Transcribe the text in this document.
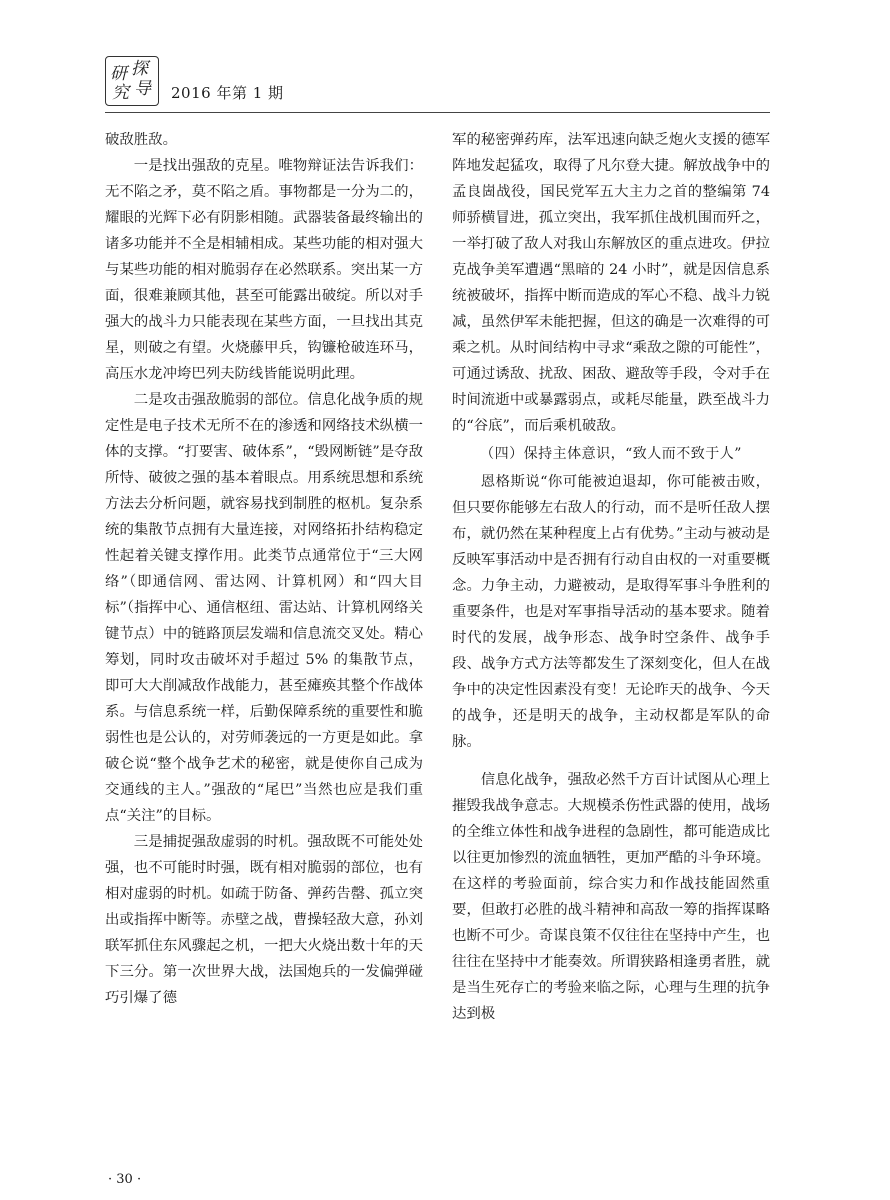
研 探
究 导 2016 年第 1 期

破敌胜敌。

一是找出强敌的克星。唯物辩证法告诉我们：无不陷之矛，莫不陷之盾。事物都是一分为二的，耀眼的光辉下必有阴影相随。武器装备最终输出的诸多功能并不全是相辅相成。某些功能的相对强大与某些功能的相对脆弱存在必然联系。突出某一方面，很难兼顾其他，甚至可能露出破绽。所以对手强大的战斗力只能表现在某些方面，一旦找出其克星，则破之有望。火烧藤甲兵，钩镰枪破连环马，高压水龙冲垮巴列夫防线皆能说明此理。

二是攻击强敌脆弱的部位。信息化战争质的规定性是电子技术无所不在的渗透和网络技术纵横一体的支撑。“打要害、破体系”，“毁网断链”是夺敌所恃、破彼之强的基本着眼点。用系统思想和系统方法去分析问题，就容易找到制胜的枢机。复杂系统的集散节点拥有大量连接，对网络拓扑结构稳定性起着关键支撑作用。此类节点通常位于“三大网络”（即通信网、雷达网、计算机网）和“四大目标”（指挥中心、通信枢纽、雷达站、计算机网络关键节点）中的链路顶层发端和信息流交叉处。精心筹划，同时攻击破坏对手超过 5% 的集散节点，即可大大削减敌作战能力，甚至瘫痪其整个作战体系。与信息系统一样，后勤保障系统的重要性和脆弱性也是公认的，对劳师袭远的一方更是如此。拿破仑说“整个战争艺术的秘密，就是使你自己成为交通线的主人。”强敌的“尾巴”当然也应是我们重点“关注”的目标。

三是捕捉强敌虚弱的时机。强敌既不可能处处强，也不可能时时强，既有相对脆弱的部位，也有相对虚弱的时机。如疏于防备、弹药告罄、孤立突出或指挥中断等。赤壁之战，曹操轻敌大意，孙刘联军抓住东风骤起之机，一把大火烧出数十年的天下三分。第一次世界大战，法国炮兵的一发偏弹碰巧引爆了德

军的秘密弹药库，法军迅速向缺乏炮火支援的德军阵地发起猛攻，取得了凡尔登大捷。解放战争中的孟良崮战役，国民党军五大主力之首的整编第 74 师骄横冒进，孤立突出，我军抓住战机围而歼之，一举打破了敌人对我山东解放区的重点进攻。伊拉克战争美军遭遇“黑暗的 24 小时”，就是因信息系统被破坏，指挥中断而造成的军心不稳、战斗力锐减，虽然伊军未能把握，但这的确是一次难得的可乘之机。从时间结构中寻求“乘敌之隙的可能性”，可通过诱敌、扰敌、困敌、避敌等手段，令对手在时间流逝中或暴露弱点，或耗尽能量，跌至战斗力的“谷底”，而后乘机破敌。

（四）保持主体意识，“致人而不致于人”

恩格斯说“你可能被迫退却，你可能被击败，但只要你能够左右敌人的行动，而不是听任敌人摆布，就仍然在某种程度上占有优势。”主动与被动是反映军事活动中是否拥有行动自由权的一对重要概念。力争主动，力避被动，是取得军事斗争胜利的重要条件，也是对军事指导活动的基本要求。随着时代的发展，战争形态、战争时空条件、战争手段、战争方式方法等都发生了深刻变化，但人在战争中的决定性因素没有变！无论昨天的战争、今天的战争，还是明天的战争，主动权都是军队的命脉。

信息化战争，强敌必然千方百计试图从心理上摧毁我战争意志。大规模杀伤性武器的使用，战场的全维立体性和战争进程的急剧性，都可能造成比以往更加惨烈的流血牺牲，更加严酷的斗争环境。在这样的考验面前，综合实力和作战技能固然重要，但敢打必胜的战斗精神和高敌一筹的指挥谋略也断不可少。奇谋良策不仅往往在坚持中产生，也往往在坚持中才能奏效。所谓狭路相逢勇者胜，就是当生死存亡的考验来临之际，心理与生理的抗争达到极

· 30 ·
